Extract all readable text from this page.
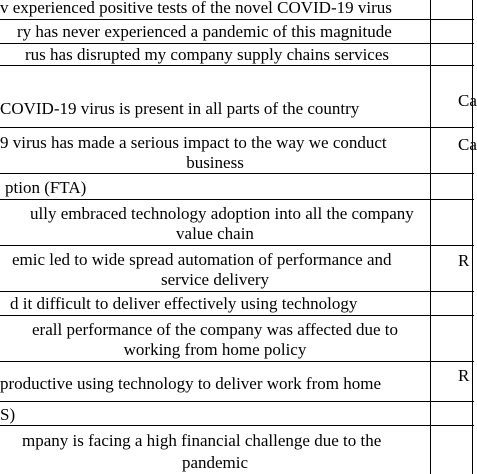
v experienced positive tests of the novel COVID-19 virus
ry has never experienced a pandemic of this magnitude
rus has disrupted my company supply chains services
COVID-19 virus is present in all parts of the country	Ca
9 virus has made a serious impact to the way we conduct
business
Ca
ption (FTA)
ully embraced technology adoption into all the company
value chain
emic led to wide spread automation of performance and
service delivery
R
d it difficult to deliver effectively using technology
erall performance of the company was affected due to
working from home policy
productive using technology to deliver work from home	R
S)
mpany is facing a high financial challenge due to the
pandemic
